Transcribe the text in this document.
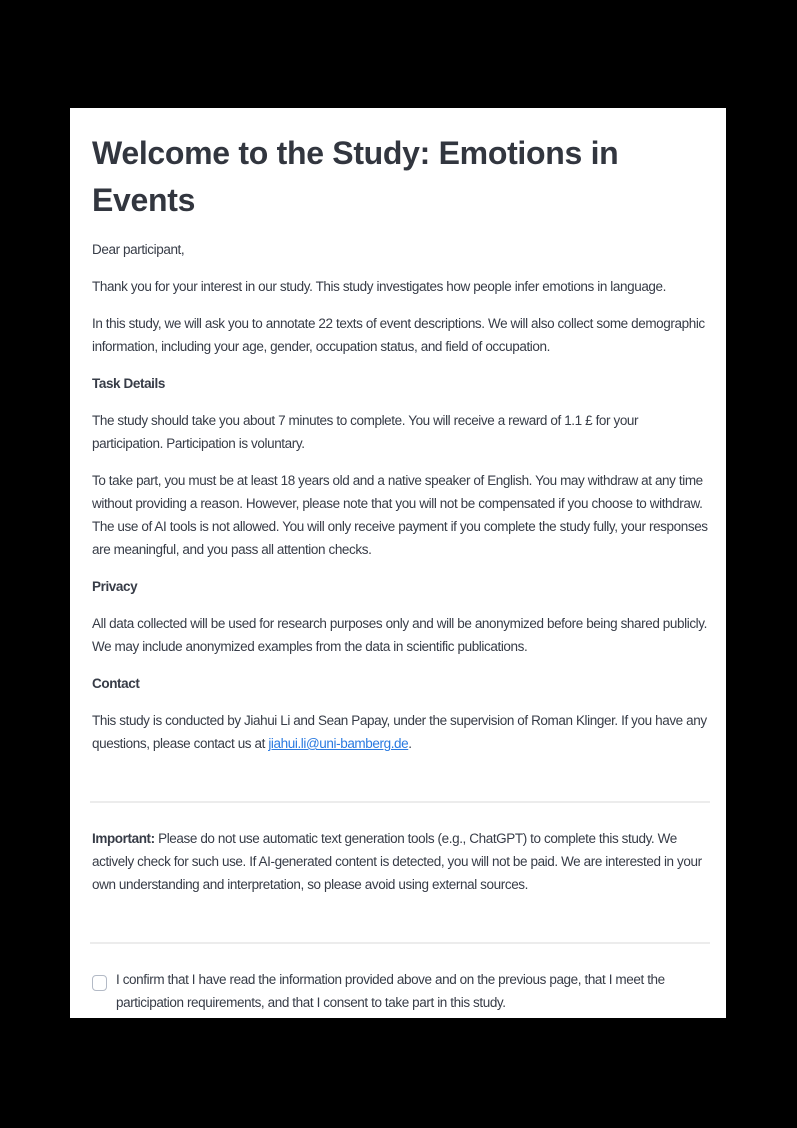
Welcome to the Study: Emotions in Events

Dear participant,

Thank you for your interest in our study. This study investigates how people infer emotions in language.

In this study, we will ask you to annotate 22 texts of event descriptions. We will also collect some demographic information, including your age, gender, occupation status, and field of occupation.

Task Details

The study should take you about 7 minutes to complete. You will receive a reward of 1.1 £ for your participation. Participation is voluntary.

To take part, you must be at least 18 years old and a native speaker of English. You may withdraw at any time without providing a reason. However, please note that you will not be compensated if you choose to withdraw. The use of AI tools is not allowed. You will only receive payment if you complete the study fully, your responses are meaningful, and you pass all attention checks.

Privacy

All data collected will be used for research purposes only and will be anonymized before being shared publicly. We may include anonymized examples from the data in scientific publications.

Contact

This study is conducted by Jiahui Li and Sean Papay, under the supervision of Roman Klinger. If you have any questions, please contact us at jiahui.li@uni-bamberg.de.

Important: Please do not use automatic text generation tools (e.g., ChatGPT) to complete this study. We actively check for such use. If AI-generated content is detected, you will not be paid. We are interested in your own understanding and interpretation, so please avoid using external sources.

I confirm that I have read the information provided above and on the previous page, that I meet the participation requirements, and that I consent to take part in this study.
